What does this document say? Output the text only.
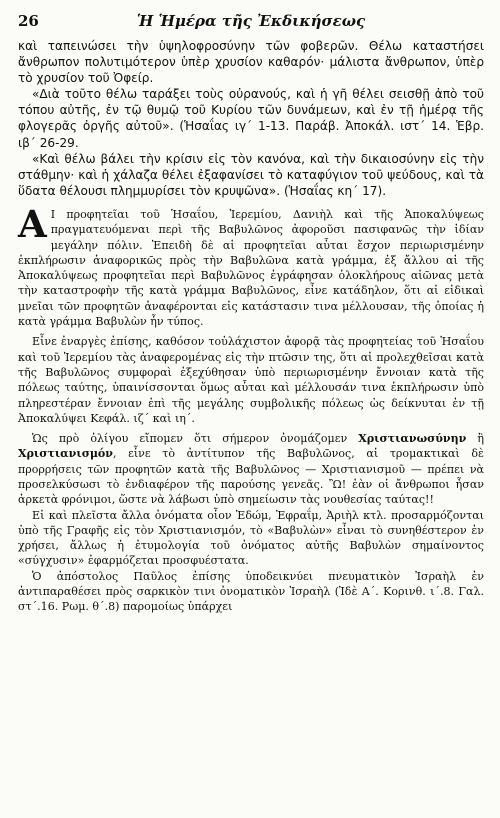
26	Ἡ Ἡμέρα τῆς Ἐκδικήσεως

καὶ ταπεινώσει τὴν ὑψηλοφροσύνην τῶν φοβερῶν. Θέλω καταστήσει ἄνθρωπον πολυτιμότερον ὑπὲρ χρυσίον καθαρόν· μάλιστα ἄνθρωπον, ὑπὲρ τὸ χρυσίον τοῦ Ὀφείρ.

«Διὰ τοῦτο θέλω ταράξει τοὺς οὐρανούς, καὶ ἡ γῆ θέλει σεισθῇ ἀπὸ τοῦ τόπου αὐτῆς, ἐν τῷ θυμῷ τοῦ Κυρίου τῶν δυνάμεων, καὶ ἐν τῇ ἡμέρᾳ τῆς φλογερᾶς ὀργῆς αὐτοῦ». (Ἡσαΐας ιγ΄ 1-13. Παράβ. Ἀποκάλ. ιστ΄ 14. Ἑβρ. ιβ΄ 26-29.

«Καὶ θέλω βάλει τὴν κρίσιν εἰς τὸν κανόνα, καὶ τὴν δικαιοσύνην εἰς τὴν στάθμην· καὶ ἡ χάλαζα θέλει ἐξαφανίσει τὸ καταφύγιον τοῦ ψεύδους, καὶ τὰ ὕδατα θέλουσι πλημμυρίσει τὸν κρυψῶνα». (Ἡσαΐας κη΄ 17).

Α Ι προφητεῖαι τοῦ Ἡσαΐου, Ἱερεμίου, Δανιὴλ καὶ τῆς Ἀποκαλύψεως πραγματευόμεναι περὶ τῆς Βαβυλῶνος ἀφοροῦσι πασιφανῶς τὴν ἰδίαν μεγάλην πόλιν. Ἐπειδὴ δὲ αἱ προφητεῖαι αὗται ἔσχον περιωρισμένην ἐκπλήρωσιν ἀναφορικῶς πρὸς τὴν Βαβυλῶνα κατὰ γράμμα, ἐξ ἄλλου αἱ τῆς Ἀποκαλύψεως προφητεῖαι περὶ Βαβυλῶνος ἐγράφησαν ὁλοκλήρους αἰῶνας μετὰ τὴν καταστροφὴν τῆς κατὰ γράμμα Βαβυλῶνος, εἶνε κατάδηλον, ὅτι αἱ εἰδικαὶ μνεῖαι τῶν προφητῶν ἀναφέρονται εἰς κατάστασιν τινα μέλλουσαν, τῆς ὁποίας ἡ κατὰ γράμμα Βαβυλὼν ἦν τύπος.

Εἶνε ἐναργὲς ἐπίσης, καθόσον τοὐλάχιστον ἀφορᾷ τὰς προφητείας τοῦ Ἡσαΐου καὶ τοῦ Ἱερεμίου τὰς ἀναφερομένας εἰς τὴν πτῶσιν της, ὅτι αἱ προλεχθεῖσαι κατὰ τῆς Βαβυλῶνος συμφοραὶ ἐξεχύθησαν ὑπὸ περιωρισμένην ἔννοιαν κατὰ τῆς πόλεως ταύτης, ὑπαινίσσονται ὅμως αὗται καὶ μέλλουσάν τινα ἐκπλήρωσιν ὑπὸ πληρεστέραν ἔννοιαν ἐπὶ τῆς μεγάλης συμβολικῆς πόλεως ὡς δείκνυται ἐν τῇ Ἀποκαλύψει Κεφάλ. ιζ΄ καὶ ιη΄.

Ὡς πρὸ ὀλίγου εἴπομεν ὅτι σήμερον ὀνομάζομεν Χριστιανωσύνην ἢ Χριστιανισμόν, εἶνε τὸ ἀντίτυπον τῆς Βαβυλῶνος, αἱ τρομακτικαὶ δὲ προρρήσεις τῶν προφητῶν κατὰ τῆς Βαβυλῶνος — Χριστιανισμοῦ — πρέπει νὰ προσελκύσωσι τὸ ἐνδιαφέρον τῆς παρούσης γενεᾶς. Ὢ! ἐὰν οἱ ἄνθρωποι ἦσαν ἀρκετὰ φρόνιμοι, ὥστε νὰ λάβωσι ὑπὸ σημείωσιν τὰς νουθεσίας ταύτας!!

Εἰ καὶ πλεῖστα ἄλλα ὀνόματα οἷον Ἐδώμ, Ἐφραΐμ, Ἀριὴλ κτλ. προσαρμόζονται ὑπὸ τῆς Γραφῆς εἰς τὸν Χριστιανισμόν, τὸ «Βαβυλὼν» εἶναι τὸ συνηθέστερον ἐν χρήσει, ἄλλως ἡ ἐτυμολογία τοῦ ὀνόματος αὐτῆς Βαβυλὼν σημαίνοντος «σύγχυσιν» ἐφαρμόζεται προσφυέστατα.

Ὁ ἀπόστολος Παῦλος ἐπίσης ὑποδεικνύει πνευματικὸν Ἰσραὴλ ἐν ἀντιπαραθέσει πρὸς σαρκικὸν τινι ὀνοματικὸν Ἰσραὴλ (Ἰδὲ Α΄. Κορινθ. ι΄.8. Γαλ. στ΄.16. Ρωμ. θ΄.8) παρομοίως ὑπάρχει
